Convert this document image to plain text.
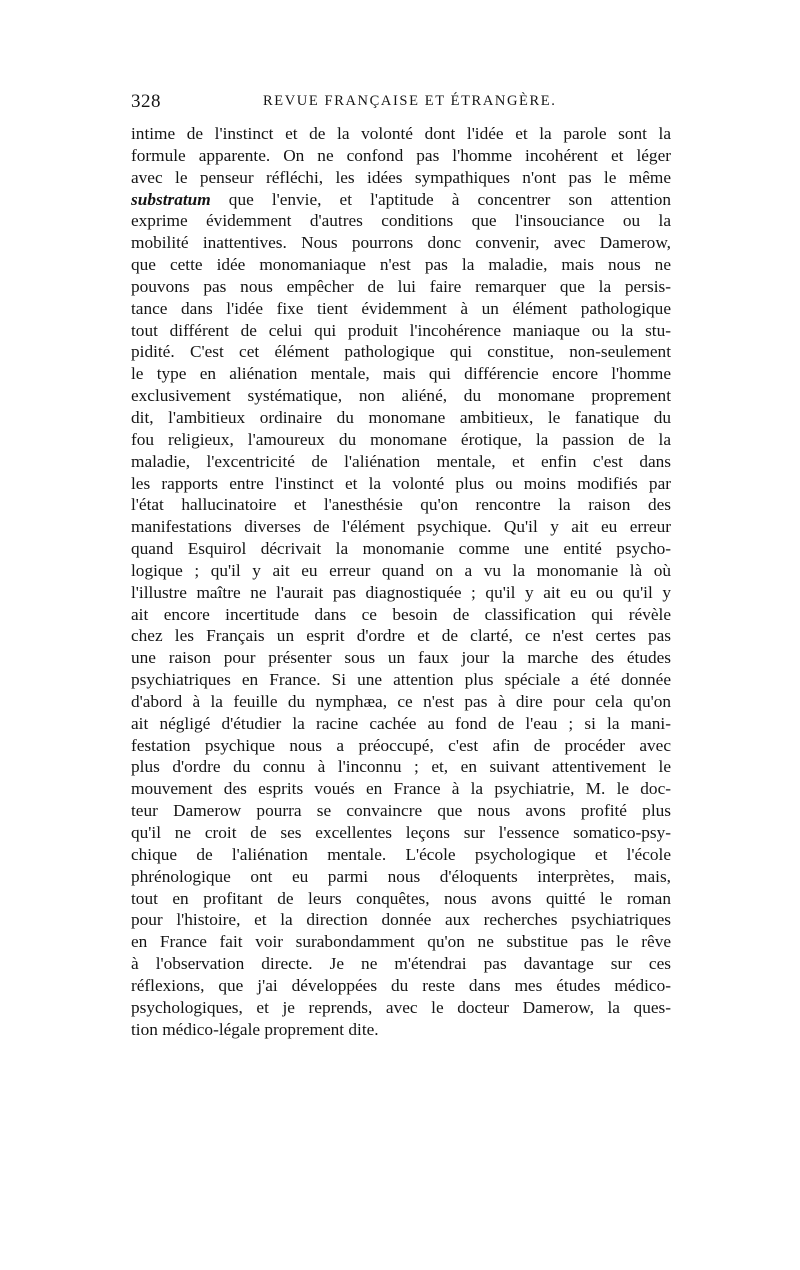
328	REVUE FRANÇAISE ET ÉTRANGÈRE.
intime de l'instinct et de la volonté dont l'idée et la parole sont la
formule apparente. On ne confond pas l'homme incohérent et léger
avec le penseur réfléchi, les idées sympathiques n'ont pas le même
substratum que l'envie, et l'aptitude à concentrer son attention
exprime évidemment d'autres conditions que l'insouciance ou la
mobilité inattentives. Nous pourrons donc convenir, avec Damerow,
que cette idée monomaniaque n'est pas la maladie, mais nous ne
pouvons pas nous empêcher de lui faire remarquer que la persis-
tance dans l'idée fixe tient évidemment à un élément pathologique
tout différent de celui qui produit l'incohérence maniaque ou la stu-
pidité. C'est cet élément pathologique qui constitue, non-seulement
le type en aliénation mentale, mais qui différencie encore l'homme
exclusivement systématique, non aliéné, du monomane proprement
dit, l'ambitieux ordinaire du monomane ambitieux, le fanatique du
fou religieux, l'amoureux du monomane érotique, la passion de la
maladie, l'excentricité de l'aliénation mentale, et enfin c'est dans
les rapports entre l'instinct et la volonté plus ou moins modifiés par
l'état hallucinatoire et l'anesthésie qu'on rencontre la raison des
manifestations diverses de l'élément psychique. Qu'il y ait eu erreur
quand Esquirol décrivait la monomanie comme une entité psycho-
logique ; qu'il y ait eu erreur quand on a vu la monomanie là où
l'illustre maître ne l'aurait pas diagnostiquée ; qu'il y ait eu ou qu'il y
ait encore incertitude dans ce besoin de classification qui révèle
chez les Français un esprit d'ordre et de clarté, ce n'est certes pas
une raison pour présenter sous un faux jour la marche des études
psychiatriques en France. Si une attention plus spéciale a été donnée
d'abord à la feuille du nymphæa, ce n'est pas à dire pour cela qu'on
ait négligé d'étudier la racine cachée au fond de l'eau ; si la mani-
festation psychique nous a préoccupé, c'est afin de procéder avec
plus d'ordre du connu à l'inconnu ; et, en suivant attentivement le
mouvement des esprits voués en France à la psychiatrie, M. le doc-
teur Damerow pourra se convaincre que nous avons profité plus
qu'il ne croit de ses excellentes leçons sur l'essence somatico-psy-
chique de l'aliénation mentale. L'école psychologique et l'école
phrénologique ont eu parmi nous d'éloquents interprètes, mais,
tout en profitant de leurs conquêtes, nous avons quitté le roman
pour l'histoire, et la direction donnée aux recherches psychiatriques
en France fait voir surabondamment qu'on ne substitue pas le rêve
à l'observation directe. Je ne m'étendrai pas davantage sur ces
réflexions, que j'ai développées du reste dans mes études médico-
psychologiques, et je reprends, avec le docteur Damerow, la ques-
tion médico-légale proprement dite.
